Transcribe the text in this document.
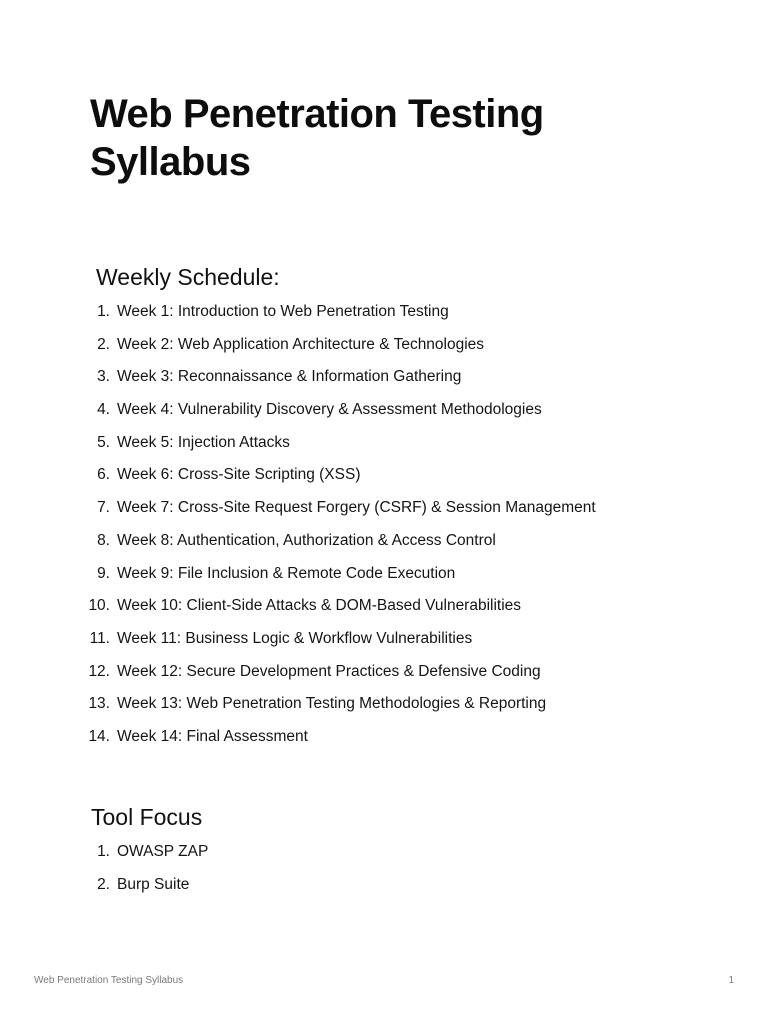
Web Penetration Testing Syllabus
Weekly Schedule:
1. Week 1: Introduction to Web Penetration Testing
2. Week 2: Web Application Architecture & Technologies
3. Week 3: Reconnaissance & Information Gathering
4. Week 4: Vulnerability Discovery & Assessment Methodologies
5. Week 5: Injection Attacks
6. Week 6: Cross-Site Scripting (XSS)
7. Week 7: Cross-Site Request Forgery (CSRF) & Session Management
8. Week 8: Authentication, Authorization & Access Control
9. Week 9: File Inclusion & Remote Code Execution
10. Week 10: Client-Side Attacks & DOM-Based Vulnerabilities
11. Week 11: Business Logic & Workflow Vulnerabilities
12. Week 12: Secure Development Practices & Defensive Coding
13. Week 13: Web Penetration Testing Methodologies & Reporting
14. Week 14: Final Assessment
Tool Focus
1. OWASP ZAP
2. Burp Suite
Web Penetration Testing Syllabus	1
